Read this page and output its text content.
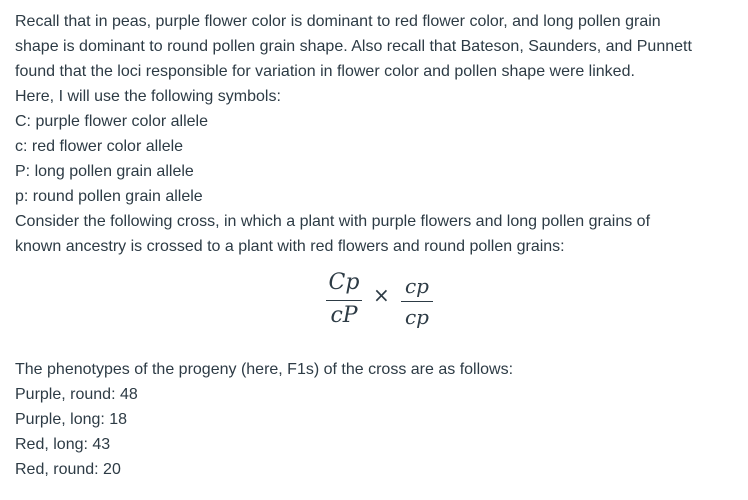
Recall that in peas, purple flower color is dominant to red flower color, and long pollen grain
shape is dominant to round pollen grain shape. Also recall that Bateson, Saunders, and Punnett
found that the loci responsible for variation in flower color and pollen shape were linked.
Here, I will use the following symbols:
C: purple flower color allele
c: red flower color allele
P: long pollen grain allele
p: round pollen grain allele
Consider the following cross, in which a plant with purple flowers and long pollen grains of
known ancestry is crossed to a plant with red flowers and round pollen grains:
Cp
cP
× cp
cp
The phenotypes of the progeny (here, F1s) of the cross are as follows:
Purple, round: 48
Purple, long: 18
Red, long: 43
Red, round: 20
